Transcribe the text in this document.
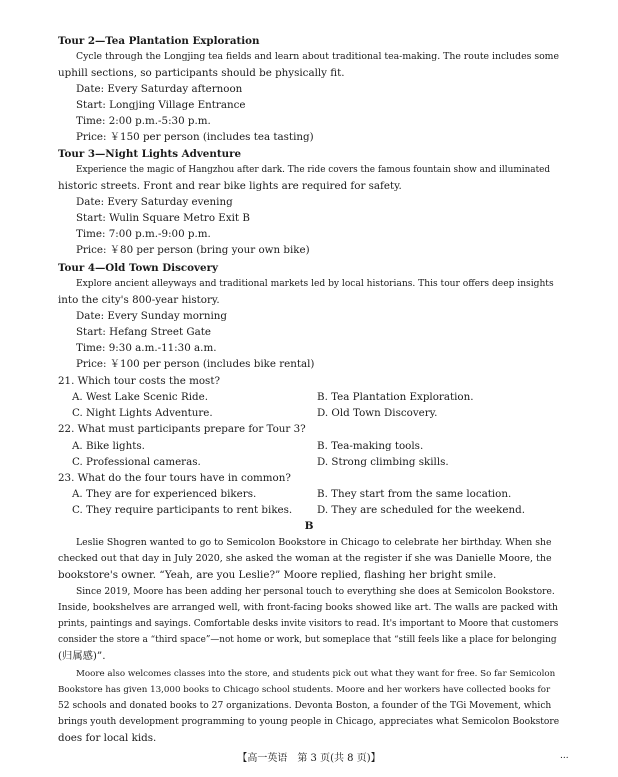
Tour 2—Tea Plantation Exploration
Cycle through the Longjing tea fields and learn about traditional tea-making. The route includes some
uphill sections, so participants should be physically fit.
Date: Every Saturday afternoon
Start: Longjing Village Entrance
Time: 2:00 p.m.-5:30 p.m.
Price: ￥150 per person (includes tea tasting)
Tour 3—Night Lights Adventure
Experience the magic of Hangzhou after dark. The ride covers the famous fountain show and illuminated
historic streets. Front and rear bike lights are required for safety.
Date: Every Saturday evening
Start: Wulin Square Metro Exit B
Time: 7:00 p.m.-9:00 p.m.
Price: ￥80 per person (bring your own bike)
Tour 4—Old Town Discovery
Explore ancient alleyways and traditional markets led by local historians. This tour offers deep insights
into the city's 800-year history.
Date: Every Sunday morning
Start: Hefang Street Gate
Time: 9:30 a.m.-11:30 a.m.
Price: ￥100 per person (includes bike rental)
21. Which tour costs the most?
A. West Lake Scenic Ride.	B. Tea Plantation Exploration.
C. Night Lights Adventure.	D. Old Town Discovery.
22. What must participants prepare for Tour 3?
A. Bike lights.	B. Tea-making tools.
C. Professional cameras.	D. Strong climbing skills.
23. What do the four tours have in common?
A. They are for experienced bikers.	B. They start from the same location.
C. They require participants to rent bikes. D. They are scheduled for the weekend.
B
Leslie Shogren wanted to go to Semicolon Bookstore in Chicago to celebrate her birthday. When she
checked out that day in July 2020, she asked the woman at the register if she was Danielle Moore, the
bookstore's owner. “Yeah, are you Leslie?” Moore replied, flashing her bright smile.
Since 2019, Moore has been adding her personal touch to everything she does at Semicolon Bookstore.
Inside, bookshelves are arranged well, with front-facing books showed like art. The walls are packed with
prints, paintings and sayings. Comfortable desks invite visitors to read. It's important to Moore that customers
consider the store a “third space”—not home or work, but someplace that “still feels like a place for belonging
(归属感)”.
Moore also welcomes classes into the store, and students pick out what they want for free. So far Semicolon
Bookstore has given 13,000 books to Chicago school students. Moore and her workers have collected books for
52 schools and donated books to 27 organizations. Devonta Boston, a founder of the TGi Movement, which
brings youth development programming to young people in Chicago, appreciates what Semicolon Bookstore
does for local kids.
【高一英语　第 3 页(共 8 页)】	...
